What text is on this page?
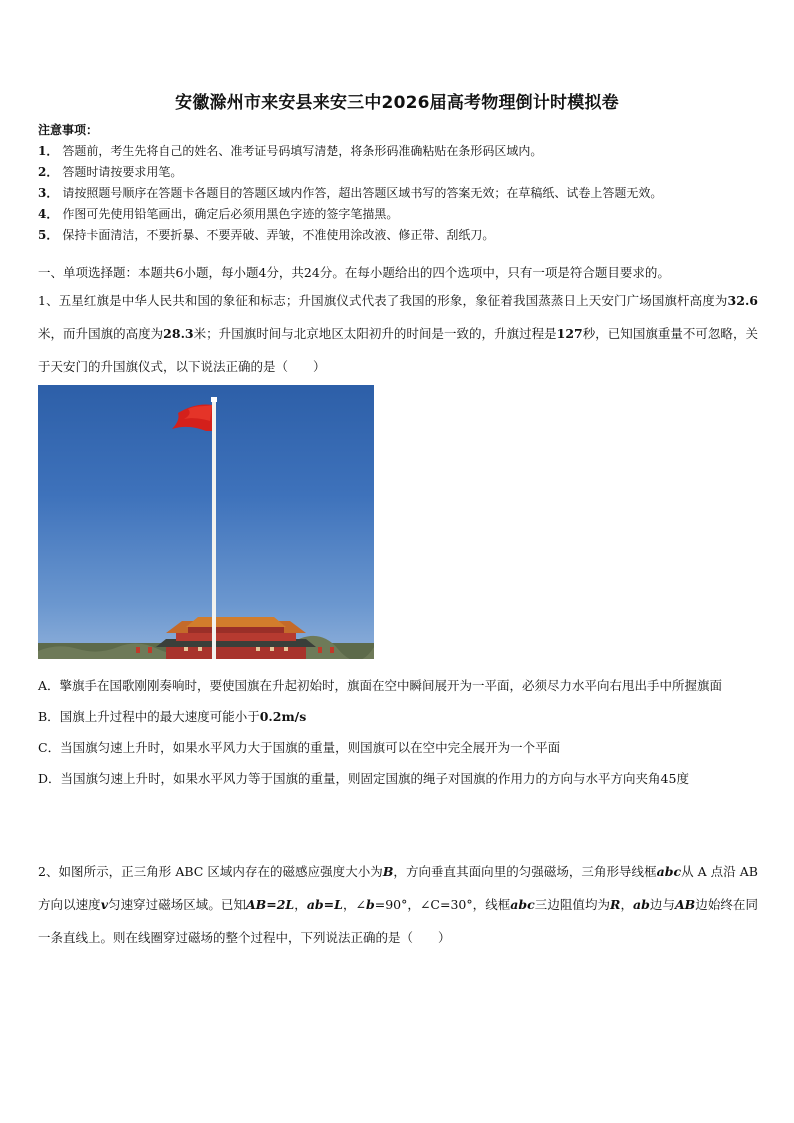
安徽滁州市来安县来安三中2026届高考物理倒计时模拟卷
注意事项：
1． 答题前，考生先将自己的姓名、准考证号码填写清楚，将条形码准确粘贴在条形码区域内。
2． 答题时请按要求用笔。
3． 请按照题号顺序在答题卡各题目的答题区域内作答，超出答题区域书写的答案无效；在草稿纸、试卷上答题无效。
4． 作图可先使用铅笔画出，确定后必须用黑色字迹的签字笔描黑。
5． 保持卡面清洁，不要折暴、不要弄破、弄皱，不准使用涂改液、修正带、刮纸刀。
一、单项选择题：本题共6小题，每小题4分，共24分。在每小题给出的四个选项中，只有一项是符合题目要求的。
1、五星红旗是中华人民共和国的象征和标志；升国旗仪式代表了我国的形象，象征着我国蒸蒸日上天安门广场国旗杆高度为32.6米，而升国旗的高度为28.3米；升国旗时间与北京地区太阳初升的时间是一致的，升旗过程是127秒，已知国旗重量不可忽略，关于天安门的升国旗仪式，以下说法正确的是（　　）
A．擎旗手在国歌刚刚奏响时，要使国旗在升起初始时，旗面在空中瞬间展开为一平面，必须尽力水平向右甩出手中所握旗面
B．国旗上升过程中的最大速度可能小于0.2m/s
C．当国旗匀速上升时，如果水平风力大于国旗的重量，则国旗可以在空中完全展开为一个平面
D．当国旗匀速上升时，如果水平风力等于国旗的重量，则固定国旗的绳子对国旗的作用力的方向与水平方向夹角45度
2、如图所示，正三角形 ABC 区域内存在的磁感应强度大小为B，方向垂直其面向里的匀强磁场，三角形导线框abc从 A 点沿 AB 方向以速度v匀速穿过磁场区域。已知AB=2L，ab=L，∠b=90°，∠C=30°，线框abc三边阻值均为R，ab边与AB边始终在同一条直线上。则在线圈穿过磁场的整个过程中，下列说法正确的是（　　）
